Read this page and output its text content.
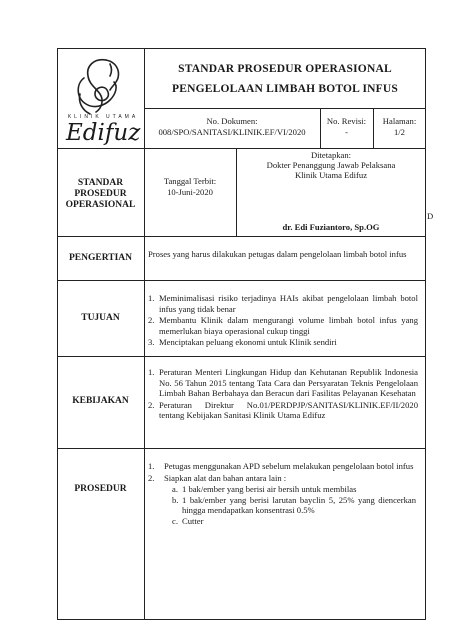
KLINIK UTAMA
Edifuz
STANDAR PROSEDUR OPERASIONAL
PENGELOLAAN LIMBAH BOTOL INFUS
No. Dokumen:
008/SPO/SANITASI/KLINIK.EF/VI/2020
No. Revisi:
-
Halaman:
1/2
STANDAR
PROSEDUR
OPERASIONAL
Tanggal Terbit:
10-Juni-2020
Ditetapkan:
Dokter Penanggung Jawab Pelaksana
Klinik Utama Edifuz
dr. Edi Fuziantoro, Sp.OG
D
PENGERTIAN	Proses yang harus dilakukan petugas dalam pengelolaan limbah botol infus
TUJUAN
1. Meminimalisasi risiko terjadinya HAIs akibat pengelolaan limbah botol infus yang tidak benar
2. Membantu Klinik dalam mengurangi volume limbah botol infus yang memerlukan biaya operasional cukup tinggi
3. Menciptakan peluang ekonomi untuk Klinik sendiri
KEBIJAKAN
1. Peraturan Menteri Lingkungan Hidup dan Kehutanan Republik Indonesia No. 56 Tahun 2015 tentang Tata Cara dan Persyaratan Teknis Pengelolaan Limbah Bahan Berbahaya dan Beracun dari Fasilitas Pelayanan Kesehatan
2. Peraturan Direktur No.01/PERDPJP/SANITASI/KLINIK.EF/II/2020 tentang Kebijakan Sanitasi Klinik Utama Edifuz
PROSEDUR
1. Petugas menggunakan APD sebelum melakukan pengelolaan botol infus
2. Siapkan alat dan bahan antara lain :
a. 1 bak/ember yang berisi air bersih untuk membilas
b. 1 bak/ember yang berisi larutan bayclin 5, 25% yang diencerkan hingga mendapatkan konsentrasi 0.5%
c. Cutter
